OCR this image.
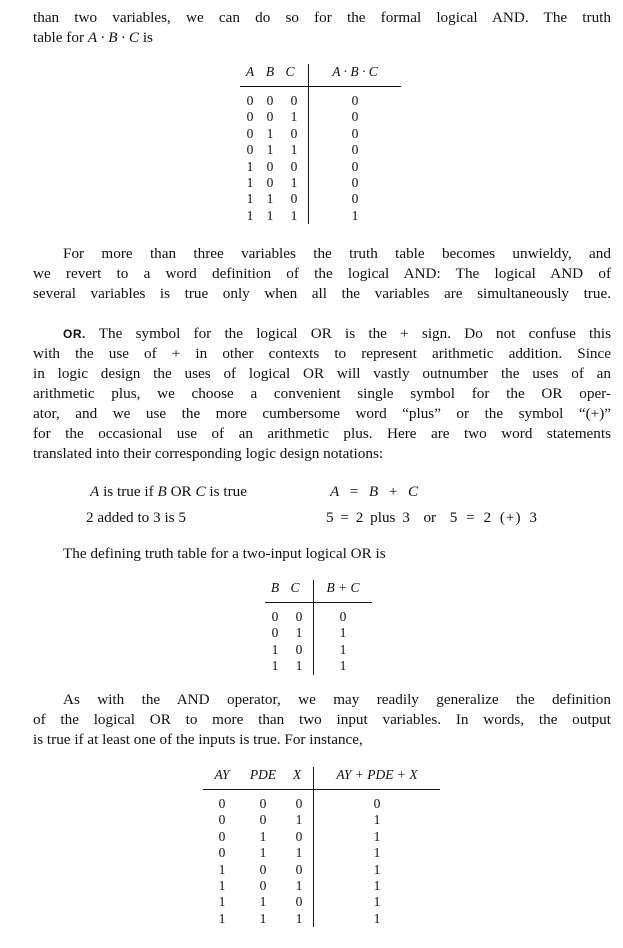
than two variables, we can do so for the formal logical AND. The truth
table for A · B · C is
A	B	C	A · B · C
0	0	0	0
0	0	1	0
0	1	0	0
0	1	1	0
1	0	0	0
1	0	1	0
1	1	0	0
1	1	1	1
For more than three variables the truth table becomes unwieldy, and
we revert to a word definition of the logical AND: The logical AND of
several variables is true only when all the variables are simultaneously true.
OR. The symbol for the logical OR is the + sign. Do not confuse this
with the use of + in other contexts to represent arithmetic addition. Since
in logic design the uses of logical OR will vastly outnumber the uses of an
arithmetic plus, we choose a convenient single symbol for the OR oper-
ator, and we use the more cumbersome word “plus” or the symbol “(+)”
for the occasional use of an arithmetic plus. Here are two word statements
translated into their corresponding logic design notations:
A is true if B OR C is true	A = B + C
2 added to 3 is 5	5 = 2 plus 3 or 5 = 2 (+) 3
The defining truth table for a two-input logical OR is
B	C	B + C
0	0	0
0	1	1
1	0	1
1	1	1
As with the AND operator, we may readily generalize the definition
of the logical OR to more than two input variables. In words, the output
is true if at least one of the inputs is true. For instance,
AY	PDE	X	AY + PDE + X
0	0	0	0
0	0	1	1
0	1	0	1
0	1	1	1
1	0	0	1
1	0	1	1
1	1	0	1
1	1	1	1
